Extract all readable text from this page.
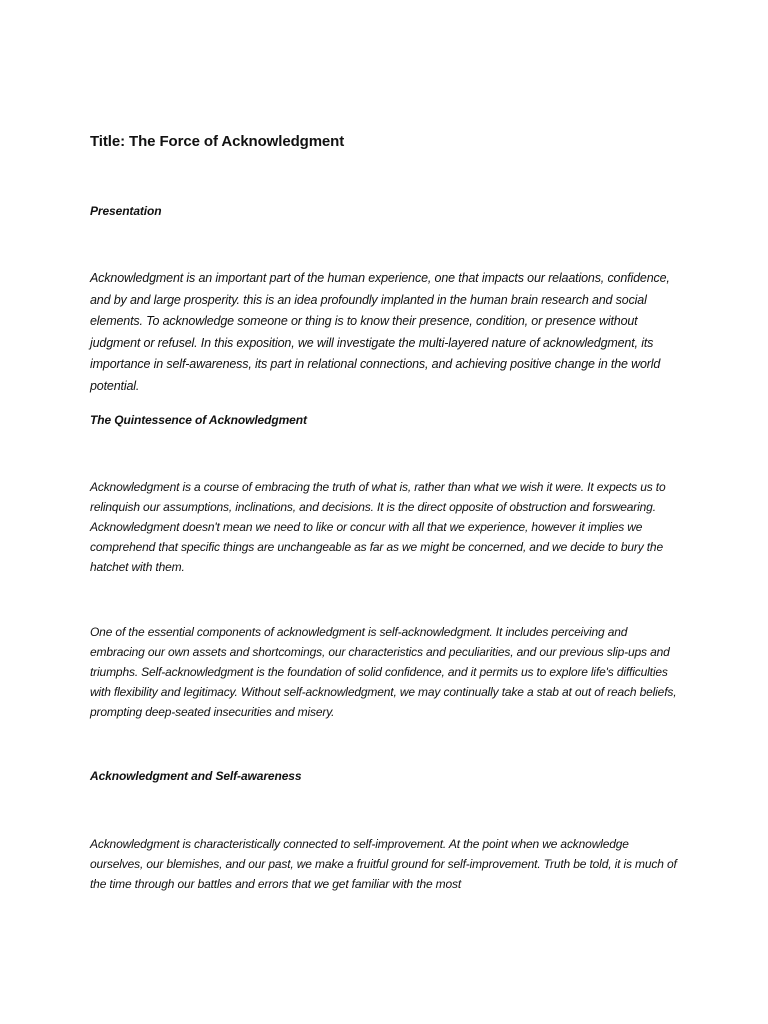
Title: The Force of Acknowledgment
Presentation

Acknowledgment is an important part of the human experience, one that impacts our relaations, confidence, and by and large prosperity. this is an idea profoundly implanted in the human brain research and social elements. To acknowledge someone or thing is to know their presence, condition, or presence without judgment or refusel. In this exposition, we will investigate the multi-layered nature of acknowledgment, its importance in self-awareness, its part in relational connections, and achieving positive change in the world potential.

The Quintessence of Acknowledgment

Acknowledgment is a course of embracing the truth of what is, rather than what we wish it were. It expects us to relinquish our assumptions, inclinations, and decisions. It is the direct opposite of obstruction and forswearing. Acknowledgment doesn't mean we need to like or concur with all that we experience, however it implies we comprehend that specific things are unchangeable as far as we might be concerned, and we decide to bury the hatchet with them.

One of the essential components of acknowledgment is self-acknowledgment. It includes perceiving and embracing our own assets and shortcomings, our characteristics and peculiarities, and our previous slip-ups and triumphs. Self-acknowledgment is the foundation of solid confidence, and it permits us to explore life's difficulties with flexibility and legitimacy. Without self-acknowledgment, we may continually take a stab at out of reach beliefs, prompting deep-seated insecurities and misery.

Acknowledgment and Self-awareness

Acknowledgment is characteristically connected to self-improvement. At the point when we acknowledge ourselves, our blemishes, and our past, we make a fruitful ground for self-improvement. Truth be told, it is much of the time through our battles and errors that we get familiar with the most
